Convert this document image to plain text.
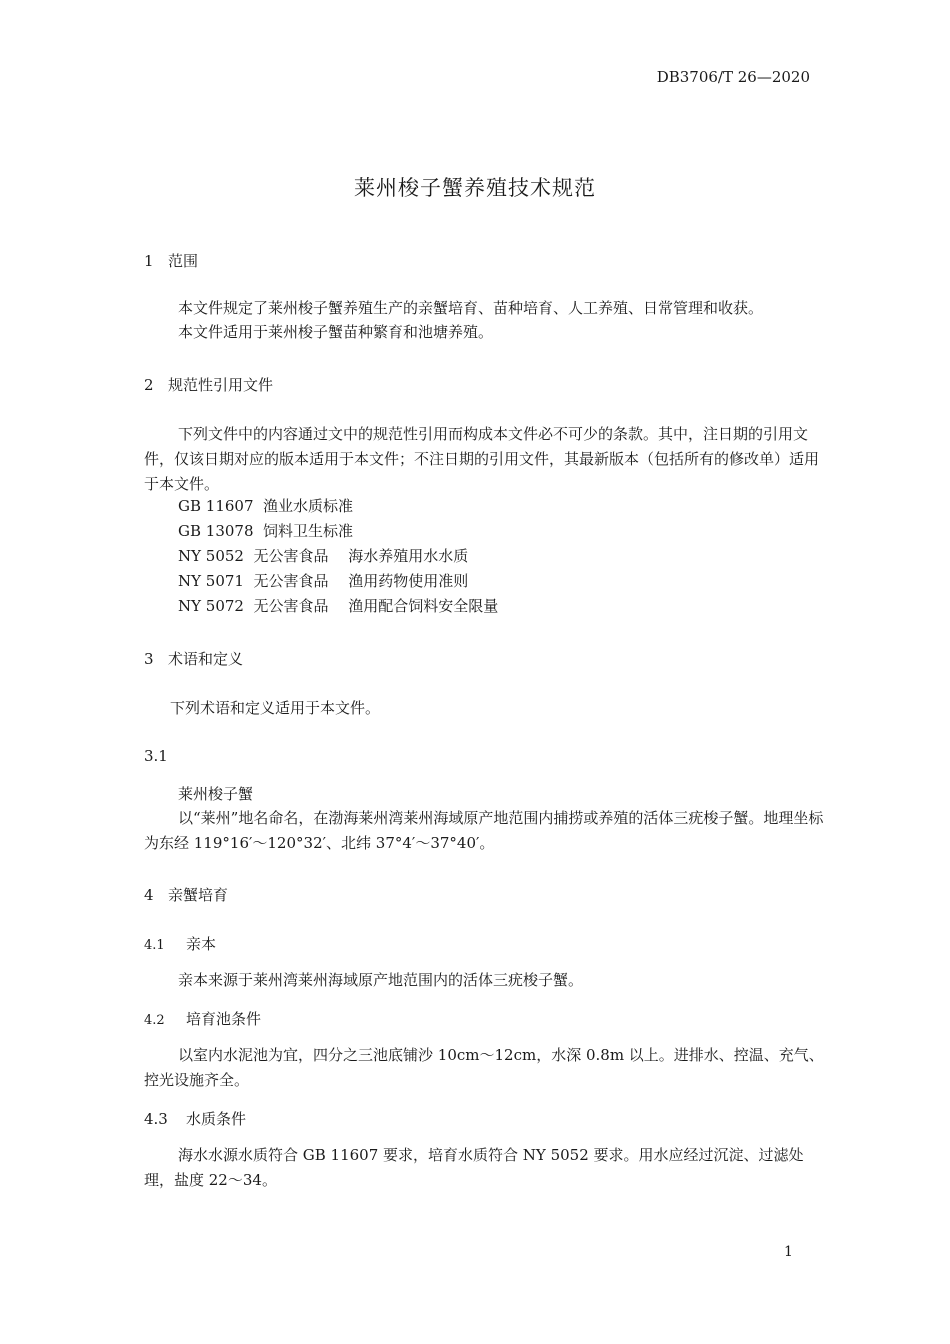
DB3706/T 26—2020
莱州梭子蟹养殖技术规范
1 范围
本文件规定了莱州梭子蟹养殖生产的亲蟹培育、苗种培育、人工养殖、日常管理和收获。
本文件适用于莱州梭子蟹苗种繁育和池塘养殖。
2 规范性引用文件
下列文件中的内容通过文中的规范性引用而构成本文件必不可少的条款。其中，注日期的引用文件，仅该日期对应的版本适用于本文件；不注日期的引用文件，其最新版本（包括所有的修改单）适用于本文件。
GB 11607 渔业水质标准
GB 13078 饲料卫生标准
NY 5052 无公害食品　 海水养殖用水水质
NY 5071 无公害食品　 渔用药物使用准则
NY 5072 无公害食品　 渔用配合饲料安全限量
3 术语和定义
下列术语和定义适用于本文件。
3.1
莱州梭子蟹
以“莱州”地名命名，在渤海莱州湾莱州海域原产地范围内捕捞或养殖的活体三疣梭子蟹。地理坐标为东经 119°16′～120°32′、北纬 37°4′～37°40′。
4 亲蟹培育
4.1 亲本
亲本来源于莱州湾莱州海域原产地范围内的活体三疣梭子蟹。
4.2 培育池条件
以室内水泥池为宜，四分之三池底铺沙 10cm～12cm，水深 0.8m 以上。进排水、控温、充气、控光设施齐全。
4.3 水质条件
海水水源水质符合 GB 11607 要求，培育水质符合 NY 5052 要求。用水应经过沉淀、过滤处理，盐度 22～34。
1
